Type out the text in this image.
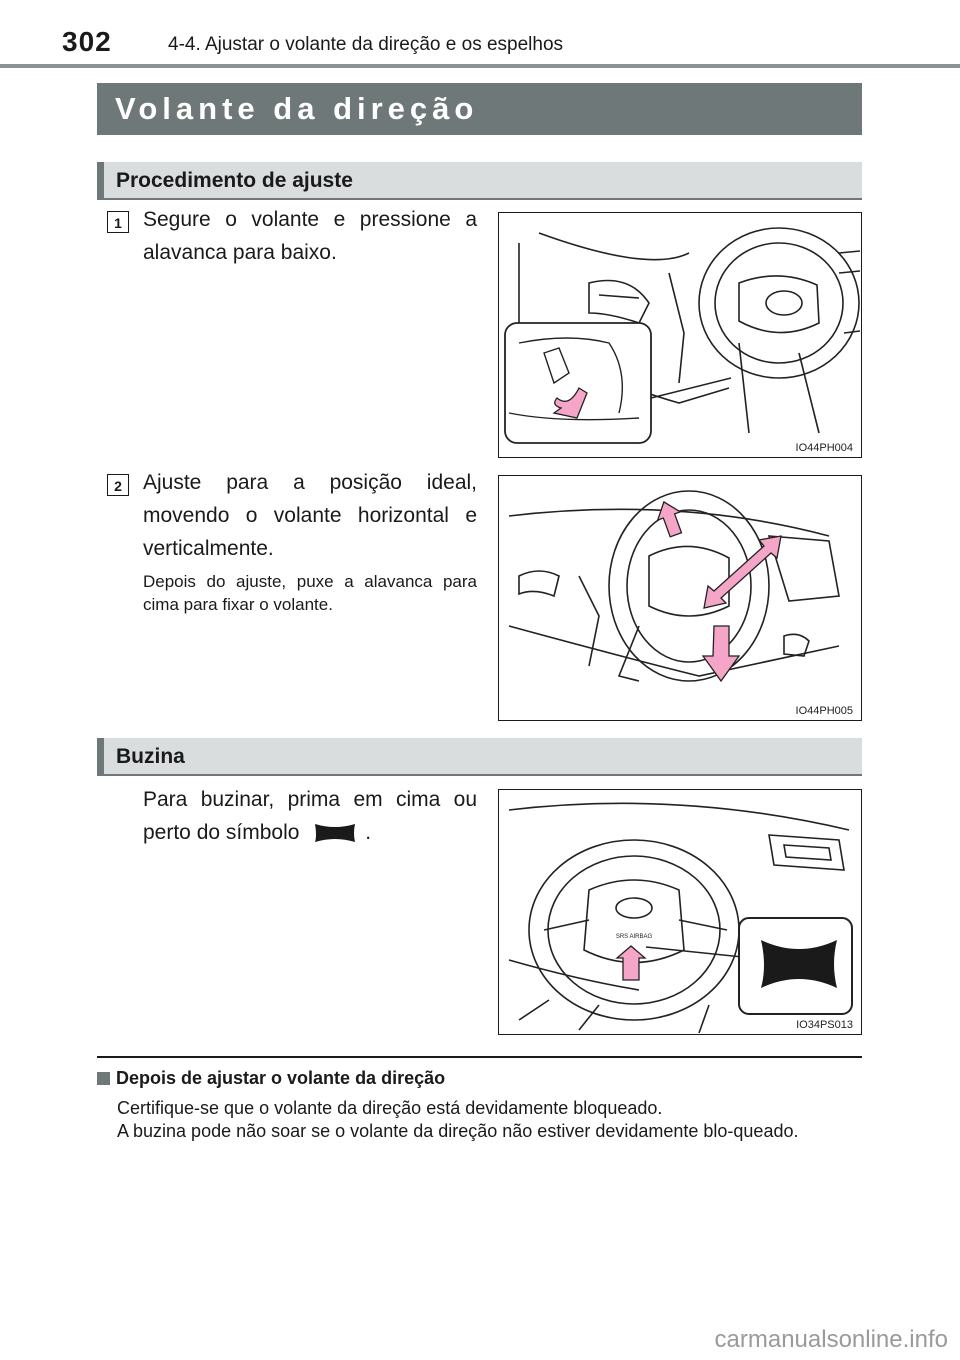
302	4-4. Ajustar o volante da direção e os espelhos
Volante da direção
Procedimento de ajuste
1	Segure o volante e pressione a alavanca para baixo.
IO44PH004
2	Ajuste para a posição ideal, movendo o volante horizontal e verticalmente.
Depois do ajuste, puxe a alavanca para cima para fixar o volante.
IO44PH005
Buzina
Para buzinar, prima em cima ou perto do símbolo	.
SRS AIRBAG
IO34PS013
Depois de ajustar o volante da direção
Certifique-se que o volante da direção está devidamente bloqueado.
A buzina pode não soar se o volante da direção não estiver devidamente blo-queado.
carmanualsonline.info
